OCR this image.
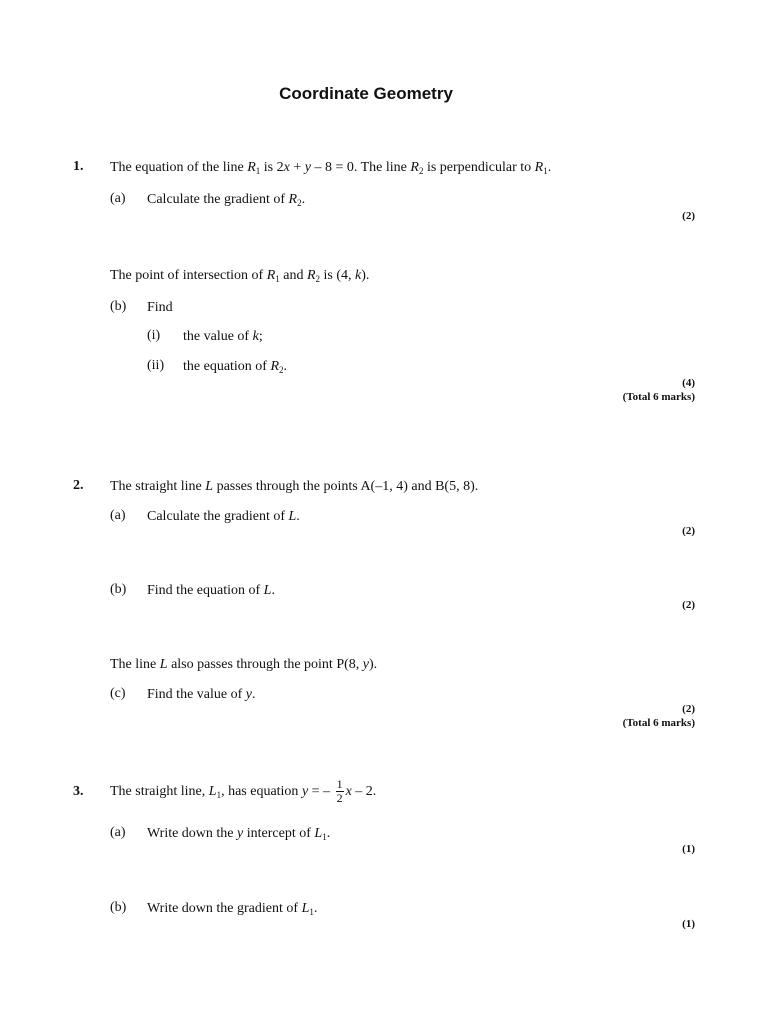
Coordinate Geometry
1. The equation of the line $R_1$ is 2x + y – 8 = 0. The line $R_2$ is perpendicular to $R_1$.
(a) Calculate the gradient of $R_2$.
(2)
The point of intersection of $R_1$ and $R_2$ is (4, k).
(b) Find
(i) the value of k;
(ii) the equation of $R_2$.
(4)
(Total 6 marks)
2. The straight line L passes through the points A(–1, 4) and B(5, 8).
(a) Calculate the gradient of L.
(2)
(b) Find the equation of L.
(2)
The line L also passes through the point P(8, y).
(c) Find the value of y.
(2)
(Total 6 marks)
3. The straight line, $L_1$, has equation y = – $\frac{1}{2}$ x – 2.
(a) Write down the y intercept of $L_1$.
(1)
(b) Write down the gradient of $L_1$.
(1)
